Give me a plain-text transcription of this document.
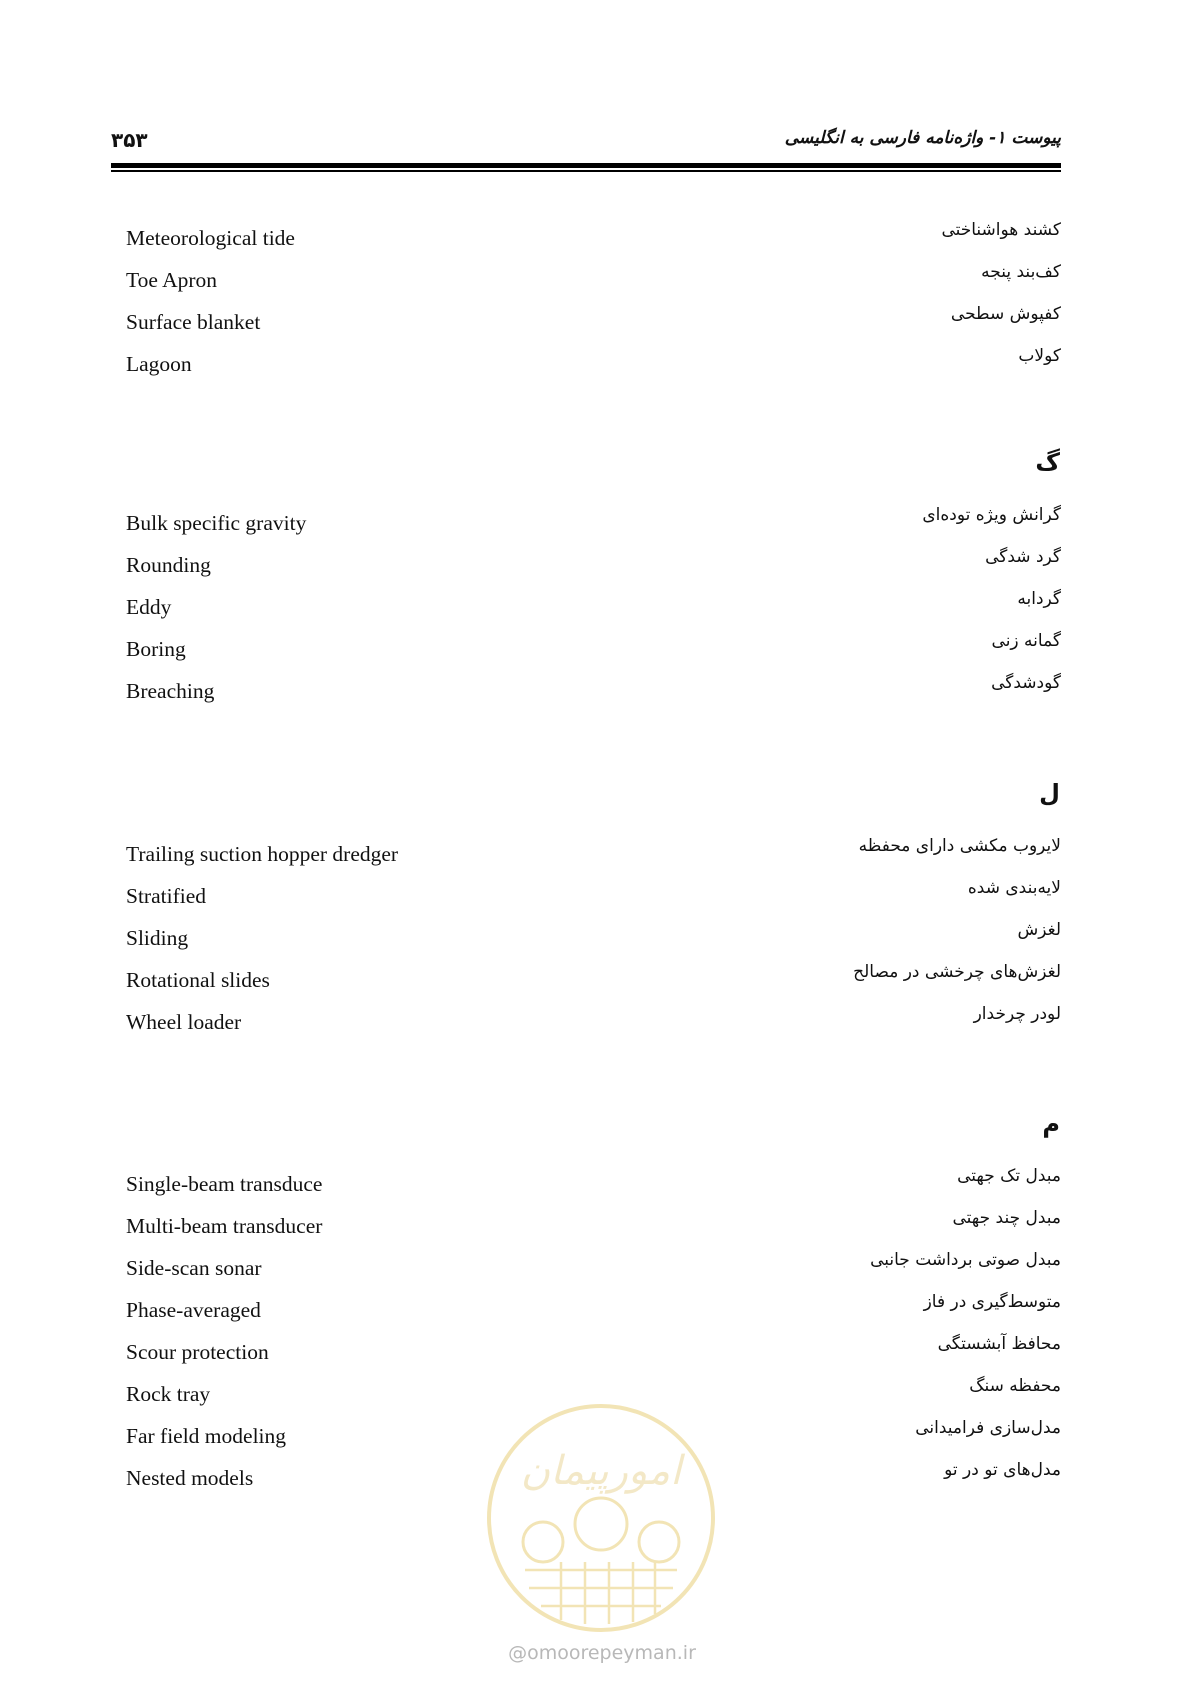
۳۵۳	پیوست ۱- واژه‌نامه فارسی به انگلیسی
Meteorological tide	کشند هواشناختی
Toe Apron	کف‌بند پنجه
Surface blanket	کفپوش سطحی
Lagoon	کولاب
گ
Bulk specific gravity	گرانش ویژه توده‌ای
Rounding	گرد شدگی
Eddy	گردابه
Boring	گمانه زنی
Breaching	گودشدگی
ل
Trailing suction hopper dredger	لایروب مکشی دارای محفظه
Stratified	لایه‌بندی شده
Sliding	لغزش
Rotational slides	لغزش‌های چرخشی در مصالح
Wheel loader	لودر چرخدار
م
Single-beam transduce	مبدل تک جهتی
Multi-beam transducer	مبدل چند جهتی
Side-scan sonar	مبدل صوتی برداشت جانبی
Phase-averaged	متوسط‌گیری در فاز
Scour protection	محافظ آبشستگی
Rock tray	محفظه سنگ
Far field modeling	مدل‌سازی فرامیدانی
Nested models	مدل‌های تو در تو
امورپیمان
@omoorepeyman.ir
